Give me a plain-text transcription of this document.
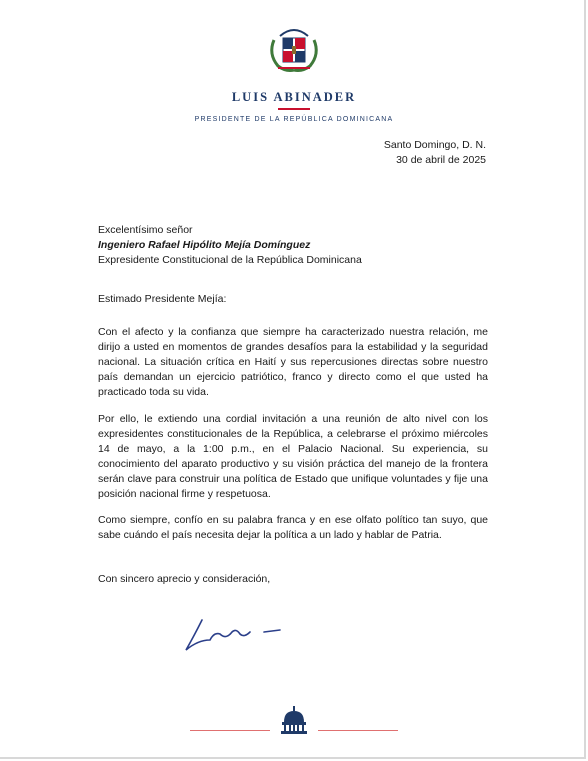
LUIS ABINADER
PRESIDENTE DE LA REPÚBLICA DOMINICANA
Santo Domingo, D. N.
30 de abril de 2025
Excelentísimo señor
Ingeniero Rafael Hipólito Mejía Domínguez
Expresidente Constitucional de la República Dominicana
Estimado Presidente Mejía:

Con el afecto y la confianza que siempre ha caracterizado nuestra relación, me dirijo a usted en momentos de grandes desafíos para la estabilidad y la seguridad nacional. La situación crítica en Haití y sus repercusiones directas sobre nuestro país demandan un ejercicio patriótico, franco y directo como el que usted ha practicado toda su vida.

Por ello, le extiendo una cordial invitación a una reunión de alto nivel con los expresidentes constitucionales de la República, a celebrarse el próximo miércoles 14 de mayo, a la 1:00 p.m., en el Palacio Nacional. Su experiencia, su conocimiento del aparato productivo y su visión práctica del manejo de la frontera serán clave para construir una política de Estado que unifique voluntades y fije una posición nacional firme y respetuosa.

Como siempre, confío en su palabra franca y en ese olfato político tan suyo, que sabe cuándo el país necesita dejar la política a un lado y hablar de Patria.

Con sincero aprecio y consideración,
